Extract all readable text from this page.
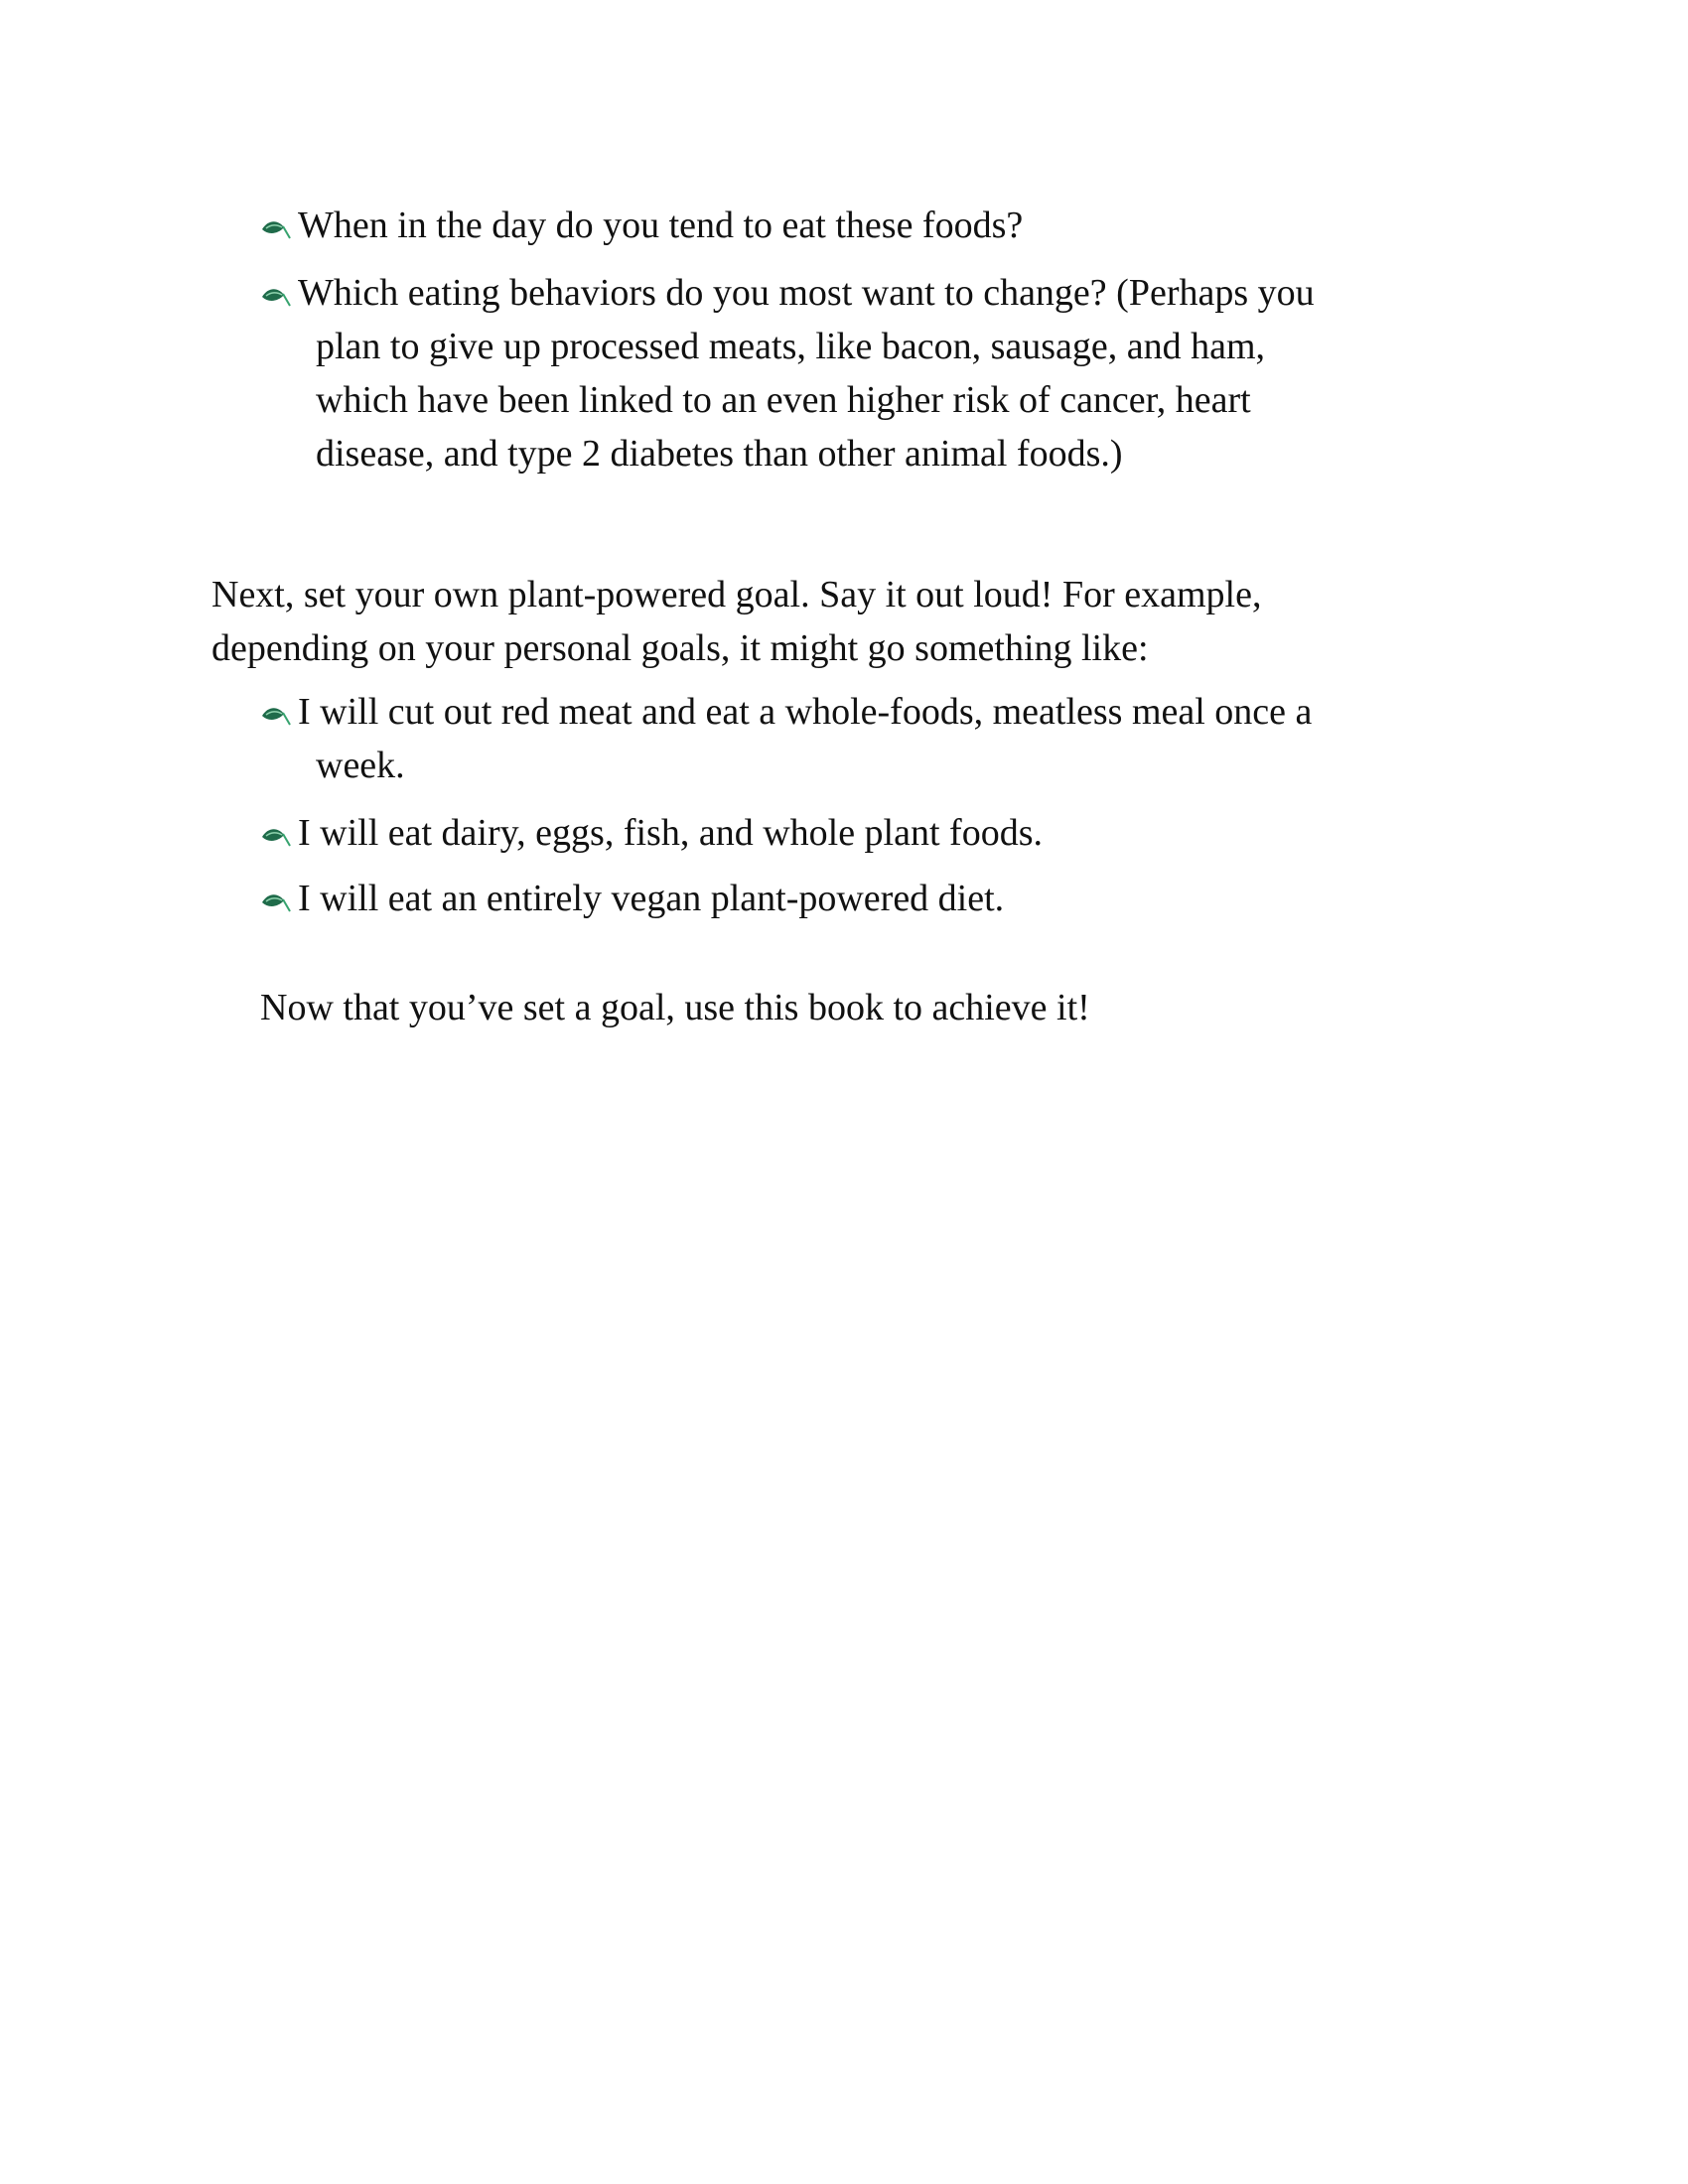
When in the day do you tend to eat these foods?
Which eating behaviors do you most want to change? (Perhaps you
plan to give up processed meats, like bacon, sausage, and ham,
which have been linked to an even higher risk of cancer, heart
disease, and type 2 diabetes than other animal foods.)
Next, set your own plant-powered goal. Say it out loud! For example,
depending on your personal goals, it might go something like:
I will cut out red meat and eat a whole-foods, meatless meal once a
week.
I will eat dairy, eggs, fish, and whole plant foods.
I will eat an entirely vegan plant-powered diet.
Now that you’ve set a goal, use this book to achieve it!
